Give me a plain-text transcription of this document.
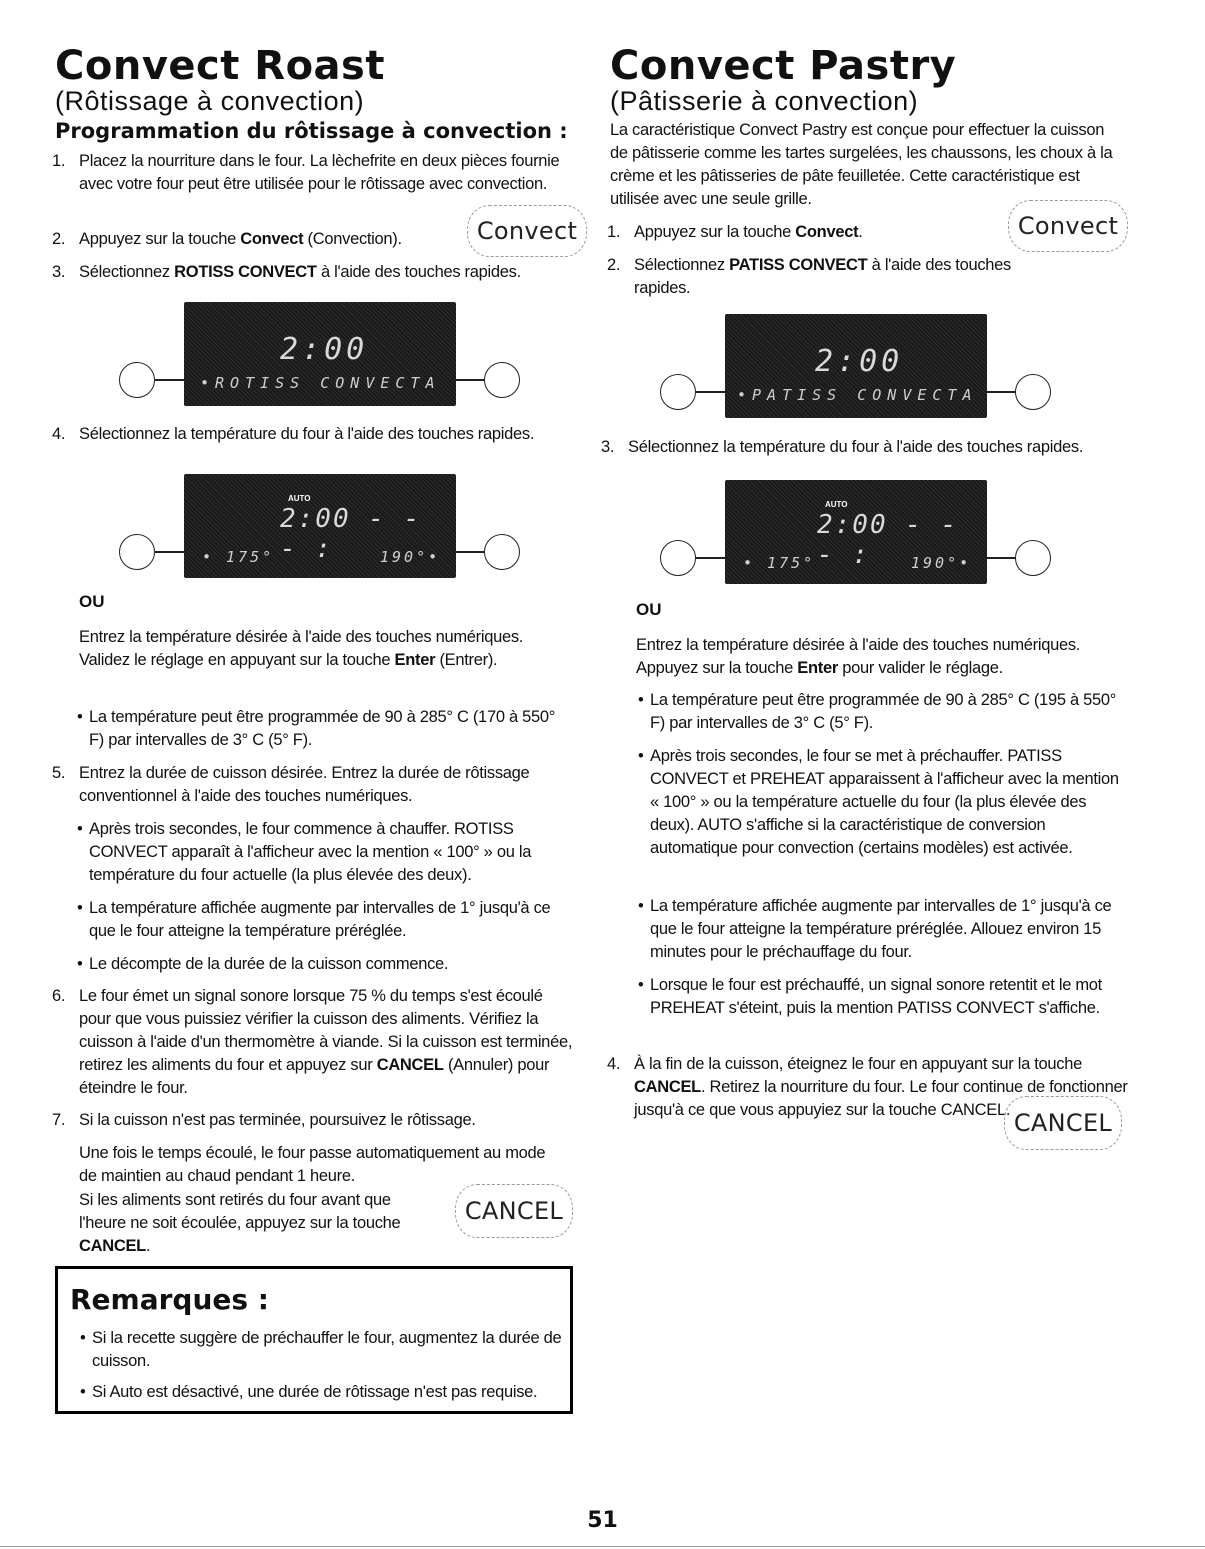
Convect Roast
(Rôtissage à convection)
Programmation du rôtissage à convection :
1. Placez la nourriture dans le four. La lèchefrite en deux pièces fournie avec votre four peut être utilisée pour le rôtissage avec convection.
2. Appuyez sur la touche Convect (Convection).	Convect
3. Sélectionnez ROTISS CONVECT à l'aide des touches rapides.
2:00
•ROTISS CONVECTA
4. Sélectionnez la température du four à l'aide des touches rapides.
AUTO
2:00 - - - :
• 175°	190°•
OU
Entrez la température désirée à l'aide des touches numériques. Validez le réglage en appuyant sur la touche Enter (Entrer).
• La température peut être programmée de 90 à 285° C (170 à 550° F) par intervalles de 3° C (5° F).
5. Entrez la durée de cuisson désirée. Entrez la durée de rôtissage conventionnel à l'aide des touches numériques.
• Après trois secondes, le four commence à chauffer. ROTISS CONVECT apparaît à l'afficheur avec la mention « 100° » ou la température du four actuelle (la plus élevée des deux).
• La température affichée augmente par intervalles de 1° jusqu'à ce que le four atteigne la température préréglée.
• Le décompte de la durée de la cuisson commence.
6. Le four émet un signal sonore lorsque 75 % du temps s'est écoulé pour que vous puissiez vérifier la cuisson des aliments. Vérifiez la cuisson à l'aide d'un thermomètre à viande. Si la cuisson est terminée, retirez les aliments du four et appuyez sur CANCEL (Annuler) pour éteindre le four.
7. Si la cuisson n'est pas terminée, poursuivez le rôtissage.
Une fois le temps écoulé, le four passe automatiquement au mode de maintien au chaud pendant 1 heure.
Si les aliments sont retirés du four avant que l'heure ne soit écoulée, appuyez sur la touche
CANCEL.
CANCEL
Remarques :
• Si la recette suggère de préchauffer le four, augmentez la durée de cuisson.
• Si Auto est désactivé, une durée de rôtissage n'est pas requise.
Convect Pastry
(Pâtisserie à convection)
La caractéristique Convect Pastry est conçue pour effectuer la cuisson de pâtisserie comme les tartes surgelées, les chaussons, les choux à la crème et les pâtisseries de pâte feuilletée. Cette caractéristique est utilisée avec une seule grille.
1. Appuyez sur la touche Convect.	Convect
2. Sélectionnez PATISS CONVECT à l'aide des touches rapides.
2:00
•PATISS CONVECTA
3. Sélectionnez la température du four à l'aide des touches rapides.
AUTO
2:00 - - - :
• 175°	190°•
OU
Entrez la température désirée à l'aide des touches numériques. Appuyez sur la touche Enter pour valider le réglage.
• La température peut être programmée de 90 à 285° C (195 à 550° F) par intervalles de 3° C (5° F).
• Après trois secondes, le four se met à préchauffer. PATISS CONVECT et PREHEAT apparaissent à l'afficheur avec la mention « 100° » ou la température actuelle du four (la plus élevée des deux). AUTO s'affiche si la caractéristique de conversion automatique pour convection (certains modèles) est activée.
• La température affichée augmente par intervalles de 1° jusqu'à ce que le four atteigne la température préréglée. Allouez environ 15 minutes pour le préchauffage du four.
• Lorsque le four est préchauffé, un signal sonore retentit et le mot PREHEAT s'éteint, puis la mention PATISS CONVECT s'affiche.
4. À la fin de la cuisson, éteignez le four en appuyant sur la touche CANCEL. Retirez la nourriture du four. Le four continue de fonctionner jusqu'à ce que vous appuyiez sur la touche CANCEL. CANCEL
51
